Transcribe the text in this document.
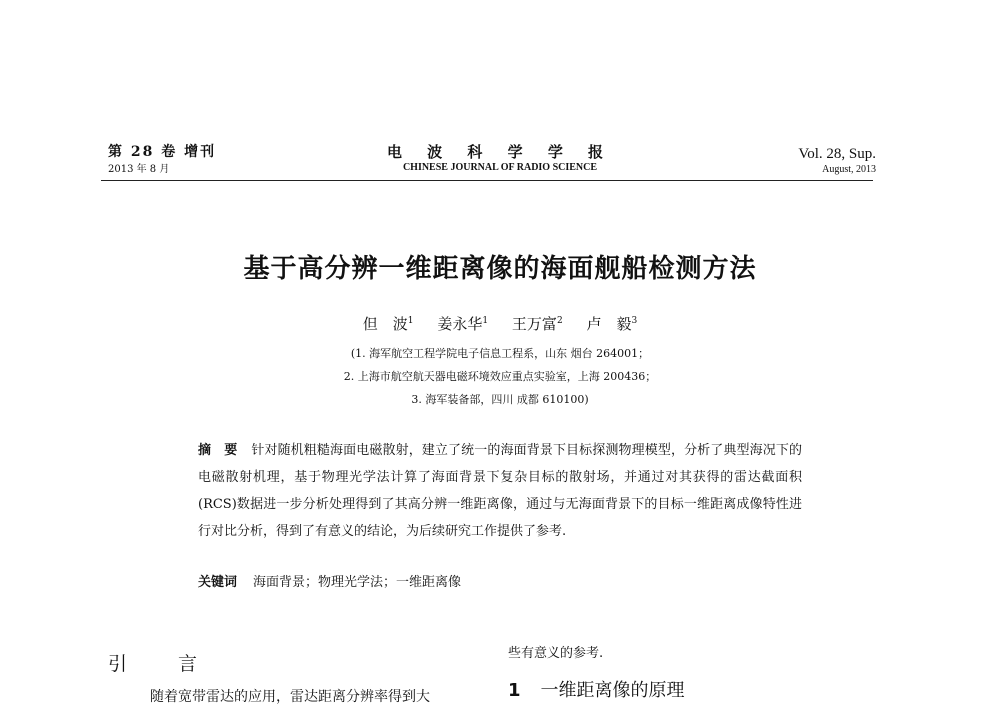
第 28 卷 增刊
2013 年 8 月
电 波 科 学 学 报
CHINESE JOURNAL OF RADIO SCIENCE
Vol. 28, Sup.
August, 2013
基于高分辨一维距离像的海面舰船检测方法
但　波$^1$ 姜永华$^1$ 王万富$^2$ 卢　毅$^3$
(1. 海军航空工程学院电子信息工程系，山东 烟台 264001；
2. 上海市航空航天器电磁环境效应重点实验室，上海 200436；
3. 海军装备部，四川 成都 610100)
摘　要 针对随机粗糙海面电磁散射，建立了统一的海面背景下目标探测物理模型，分析了典型海况下的电磁散射机理，基于物理光学法计算了海面背景下复杂目标的散射场，并通过对其获得的雷达截面积(RCS)数据进一步分析处理得到了其高分辨一维距离像，通过与无海面背景下的目标一维距离成像特性进行对比分析，得到了有意义的结论，为后续研究工作提供了参考.
关键词 海面背景；物理光学法；一维距离像
引　言
随着宽带雷达的应用，雷达距离分辨率得到大
些有意义的参考.
1 一维距离像的原理
